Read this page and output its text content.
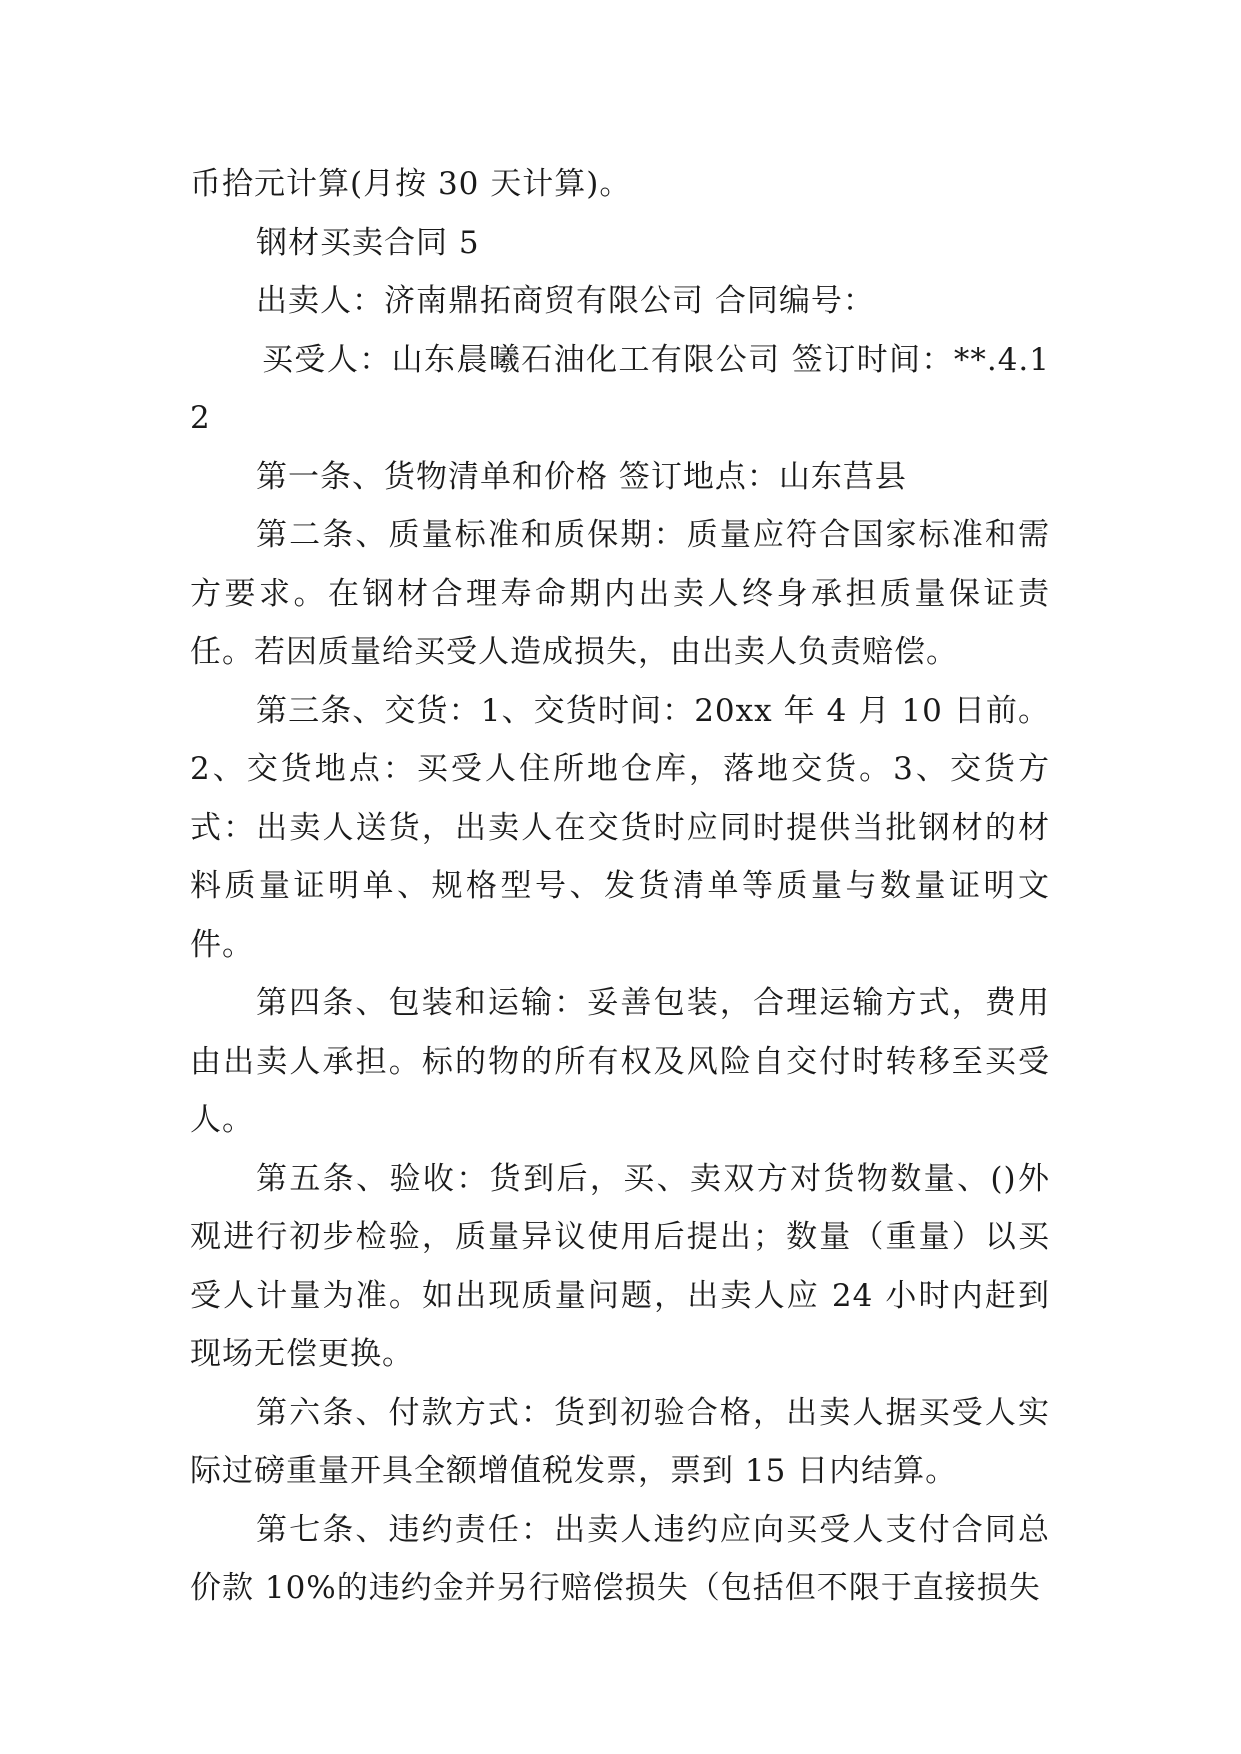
币拾元计算(月按 30 天计算)。

钢材买卖合同 5

出卖人：济南鼎拓商贸有限公司 合同编号：

买受人：山东晨曦石油化工有限公司 签订时间：**.4.12

第一条、货物清单和价格 签订地点：山东莒县

第二条、质量标准和质保期：质量应符合国家标准和需方要求。在钢材合理寿命期内出卖人终身承担质量保证责任。若因质量给买受人造成损失，由出卖人负责赔偿。

第三条、交货：1、交货时间：20xx 年 4 月 10 日前。2、交货地点：买受人住所地仓库，落地交货。3、交货方式：出卖人送货，出卖人在交货时应同时提供当批钢材的材料质量证明单、规格型号、发货清单等质量与数量证明文件。

第四条、包装和运输：妥善包装，合理运输方式，费用由出卖人承担。标的物的所有权及风险自交付时转移至买受人。

第五条、验收：货到后，买、卖双方对货物数量、()外观进行初步检验，质量异议使用后提出；数量（重量）以买受人计量为准。如出现质量问题，出卖人应 24 小时内赶到现场无偿更换。

第六条、付款方式：货到初验合格，出卖人据买受人实际过磅重量开具全额增值税发票，票到 15 日内结算。

第七条、违约责任：出卖人违约应向买受人支付合同总价款 10%的违约金并另行赔偿损失（包括但不限于直接损失
